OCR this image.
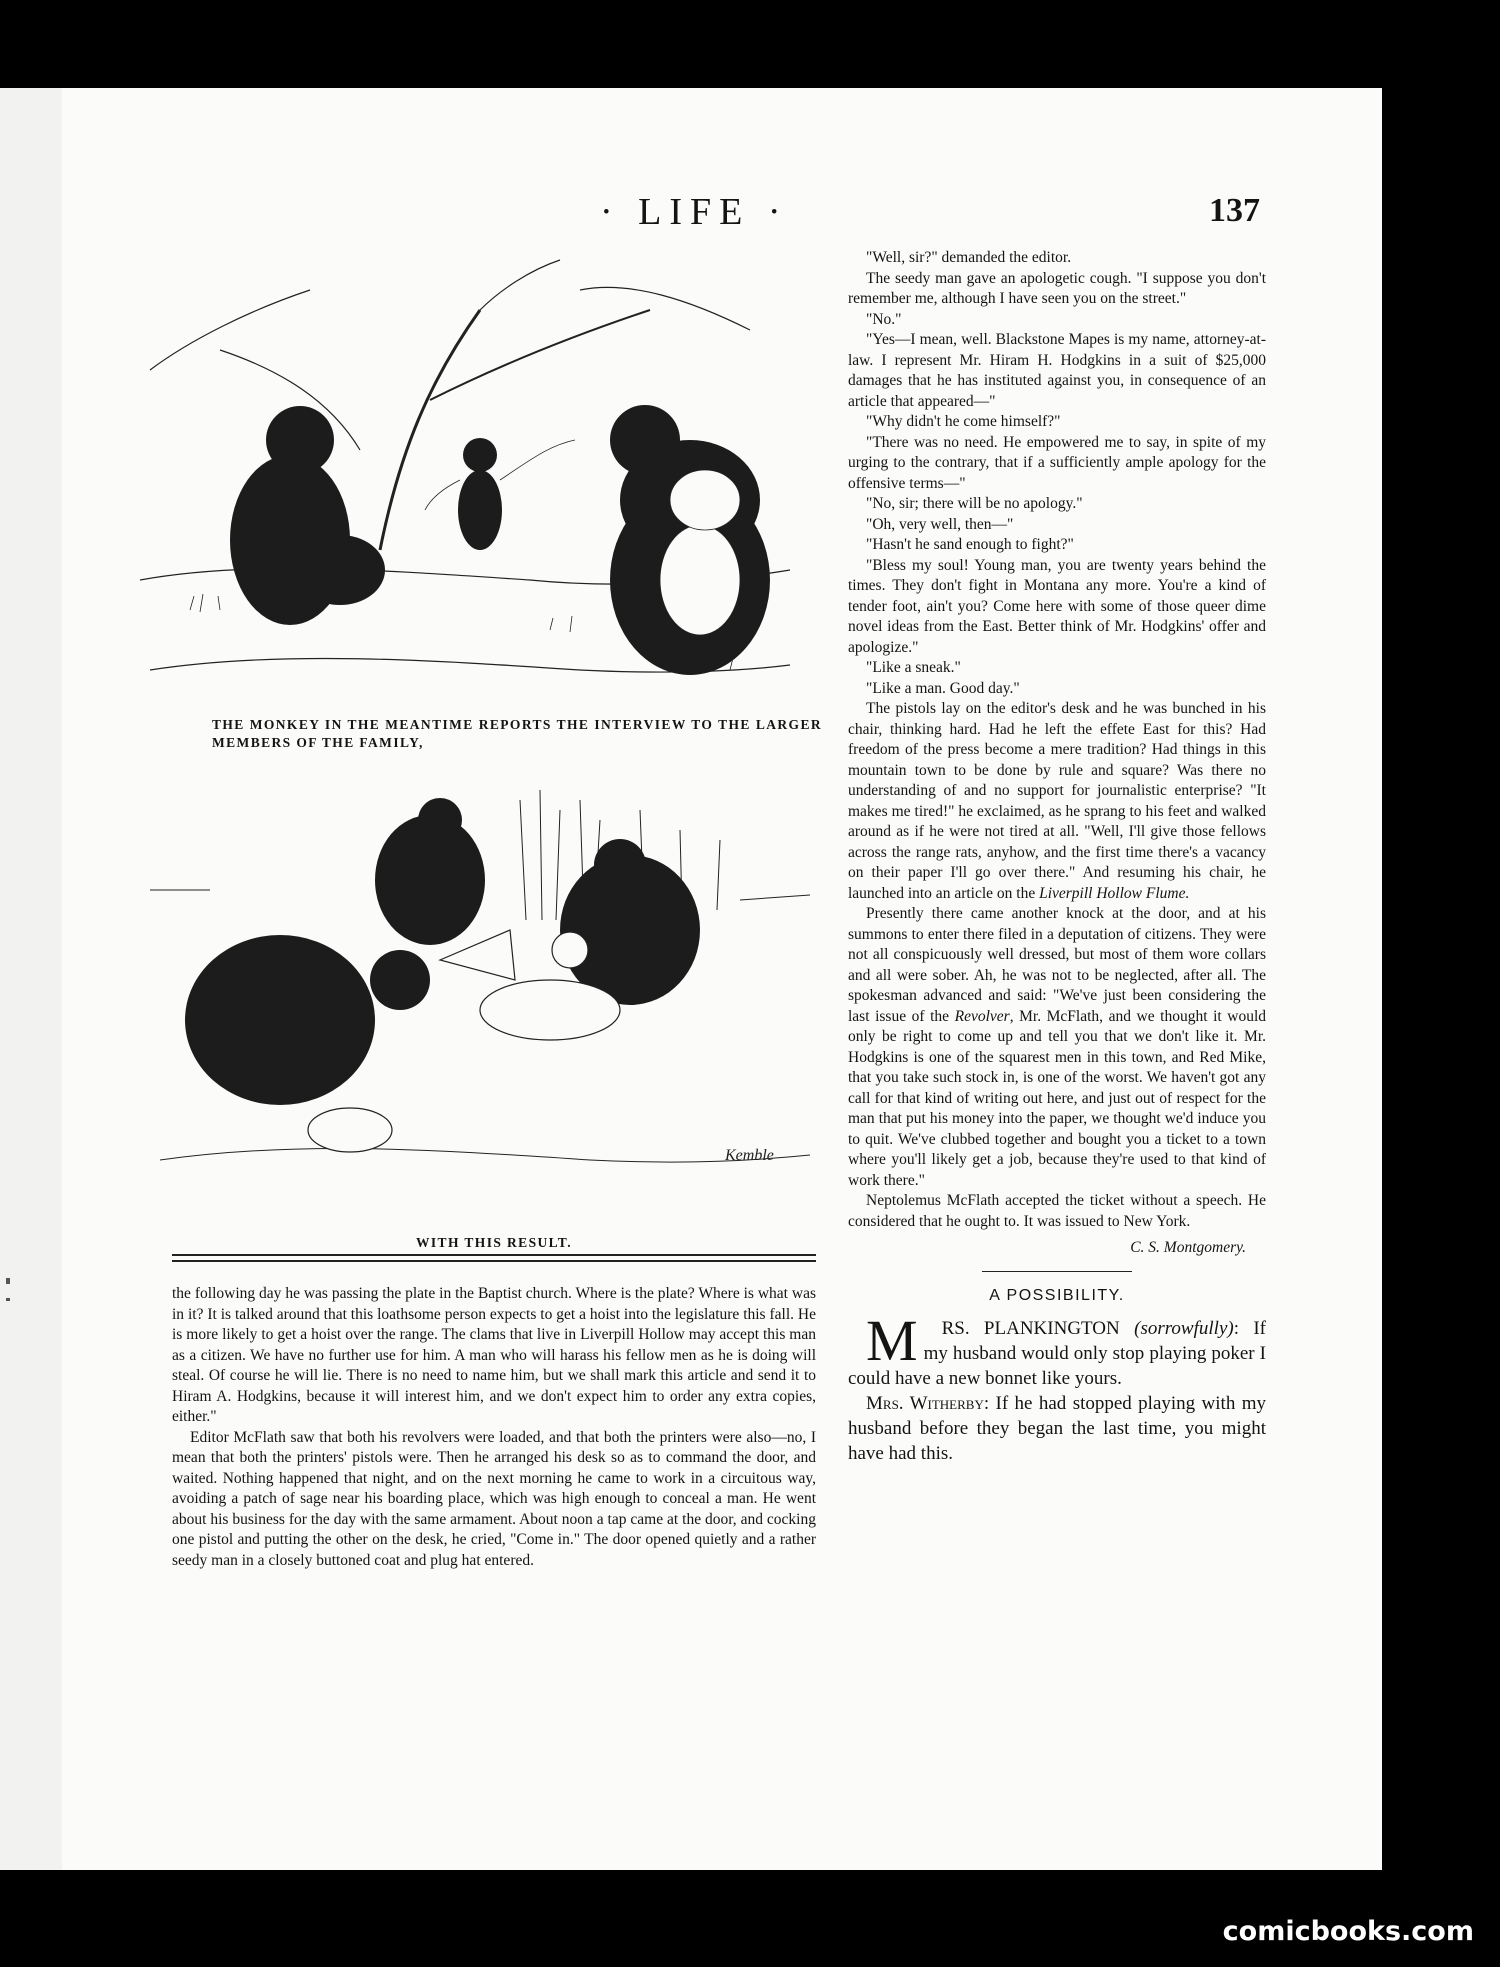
· LIFE ·	137
THE MONKEY IN THE MEANTIME REPORTS THE INTERVIEW TO THE LARGER
MEMBERS OF THE FAMILY,
Kemble
WITH THIS RESULT.

the following day he was passing the plate in the Baptist church. Where is the plate? Where is what was in it? It is talked around that this loathsome person expects to get a hoist into the legislature this fall. He is more likely to get a hoist over the range. The clams that live in Liverpill Hollow may accept this man as a citizen. We have no further use for him. A man who will harass his fellow men as he is doing will steal. Of course he will lie. There is no need to name him, but we shall mark this article and send it to Hiram A. Hodgkins, because it will interest him, and we don't expect him to order any extra copies, either."

Editor McFlath saw that both his revolvers were loaded, and that both the printers were also—no, I mean that both the printers' pistols were. Then he arranged his desk so as to command the door, and waited. Nothing happened that night, and on the next morning he came to work in a circuitous way, avoiding a patch of sage near his boarding place, which was high enough to conceal a man. He went about his business for the day with the same armament. About noon a tap came at the door, and cocking one pistol and putting the other on the desk, he cried, "Come in." The door opened quietly and a rather seedy man in a closely buttoned coat and plug hat entered.

"Well, sir?" demanded the editor.

The seedy man gave an apologetic cough. "I suppose you don't remember me, although I have seen you on the street."

"No."

"Yes—I mean, well. Blackstone Mapes is my name, attorney-at-law. I represent Mr. Hiram H. Hodgkins in a suit of $25,000 damages that he has instituted against you, in consequence of an article that appeared—"

"Why didn't he come himself?"

"There was no need. He empowered me to say, in spite of my urging to the contrary, that if a sufficiently ample apology for the offensive terms—"

"No, sir; there will be no apology."

"Oh, very well, then—"

"Hasn't he sand enough to fight?"

"Bless my soul! Young man, you are twenty years behind the times. They don't fight in Montana any more. You're a kind of tender foot, ain't you? Come here with some of those queer dime novel ideas from the East. Better think of Mr. Hodgkins' offer and apologize."

"Like a sneak."

"Like a man. Good day."

The pistols lay on the editor's desk and he was bunched in his chair, thinking hard. Had he left the effete East for this? Had freedom of the press become a mere tradition? Had things in this mountain town to be done by rule and square? Was there no understanding of and no support for journalistic enterprise? "It makes me tired!" he exclaimed, as he sprang to his feet and walked around as if he were not tired at all. "Well, I'll give those fellows across the range rats, anyhow, and the first time there's a vacancy on their paper I'll go over there." And resuming his chair, he launched into an article on the Liverpill Hollow Flume.

Presently there came another knock at the door, and at his summons to enter there filed in a deputation of citizens. They were not all conspicuously well dressed, but most of them wore collars and all were sober. Ah, he was not to be neglected, after all. The spokesman advanced and said: "We've just been considering the last issue of the Revolver, Mr. McFlath, and we thought it would only be right to come up and tell you that we don't like it. Mr. Hodgkins is one of the squarest men in this town, and Red Mike, that you take such stock in, is one of the worst. We haven't got any call for that kind of writing out here, and just out of respect for the man that put his money into the paper, we thought we'd induce you to quit. We've clubbed together and bought you a ticket to a town where you'll likely get a job, because they're used to that kind of work there."

Neptolemus McFlath accepted the ticket without a speech. He considered that he ought to. It was issued to New York.

C. S. Montgomery.

A POSSIBILITY.

M RS. PLANKINGTON (sorrowfully): If my husband would only stop playing poker I could have a new bonnet like yours.

Mrs. Witherby: If he had stopped playing with my husband before they began the last time, you might have had this.

comicbooks.com
